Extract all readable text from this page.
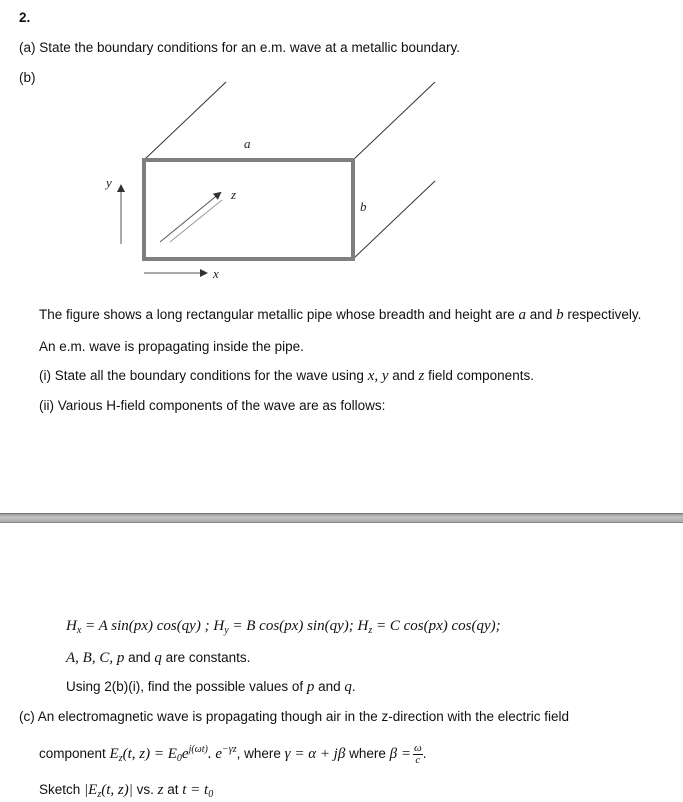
2.
(a) State the boundary conditions for an e.m. wave at a metallic boundary.
(b)
a
b
y
x
z
The figure shows a long rectangular metallic pipe whose breadth and height are a and b respectively.
An e.m. wave is propagating inside the pipe.
(i) State all the boundary conditions for the wave using x, y and z field components.
(ii) Various H-field components of the wave are as follows:
$H_x = A$ sin(px) cos(qy) ; $H_y = B$ cos(px) sin(qy); $H_z = C$ cos(px) cos(qy);
A, B, C, p and q are constants.
Using 2(b)(i), find the possible values of p and q.
(c) An electromagnetic wave is propagating though air in the z-direction with the electric field
component $E_z(t$, $z) = E_0e^{j(\omega t)}$. $e^{-\gamma z}$, where γ = α + jβ where $\beta = \frac{\omega}{c}$ .
Sketch $|E_z(t$, z)| vs. z at $t = t_0$
